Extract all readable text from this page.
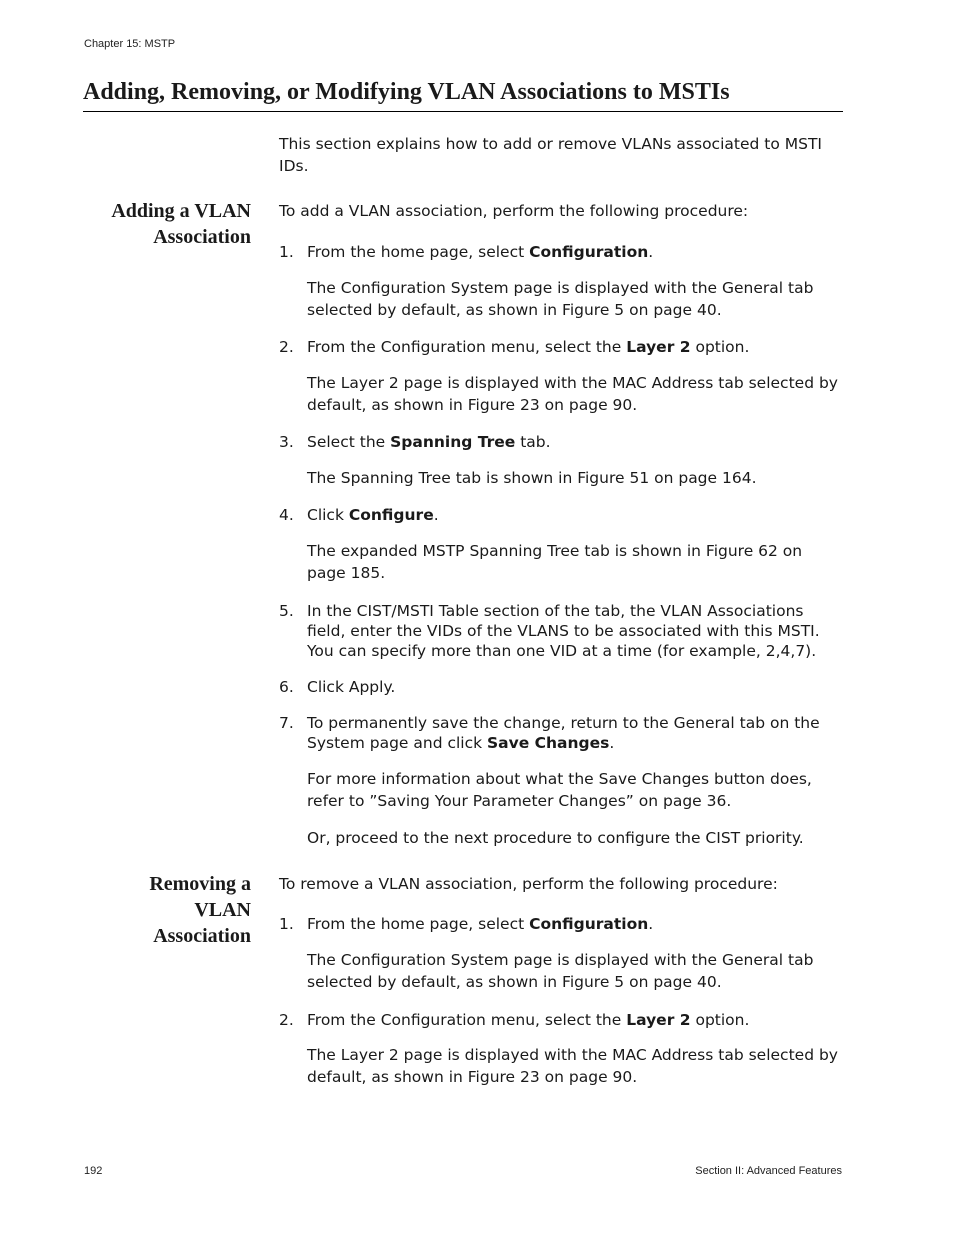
Chapter 15: MSTP
Adding, Removing, or Modifying VLAN Associations to MSTIs
This section explains how to add or remove VLANs associated to MSTI IDs.
Adding a VLAN
Association
To add a VLAN association, perform the following procedure:
1. From the home page, select Configuration.
The Configuration System page is displayed with the General tab selected by default, as shown in Figure 5 on page 40.
2. From the Configuration menu, select the Layer 2 option.
The Layer 2 page is displayed with the MAC Address tab selected by default, as shown in Figure 23 on page 90.
3. Select the Spanning Tree tab.
The Spanning Tree tab is shown in Figure 51 on page 164.
4. Click Configure.
The expanded MSTP Spanning Tree tab is shown in Figure 62 on page 185.
5. In the CIST/MSTI Table section of the tab, the VLAN Associations field, enter the VIDs of the VLANS to be associated with this MSTI. You can specify more than one VID at a time (for example, 2,4,7).
6. Click Apply.
7. To permanently save the change, return to the General tab on the System page and click Save Changes.
For more information about what the Save Changes button does, refer to ”Saving Your Parameter Changes” on page 36.
Or, proceed to the next procedure to configure the CIST priority.
Removing a
VLAN
Association
To remove a VLAN association, perform the following procedure:
1. From the home page, select Configuration.
The Configuration System page is displayed with the General tab selected by default, as shown in Figure 5 on page 40.
2. From the Configuration menu, select the Layer 2 option.
The Layer 2 page is displayed with the MAC Address tab selected by default, as shown in Figure 23 on page 90.
192	Section II: Advanced Features
